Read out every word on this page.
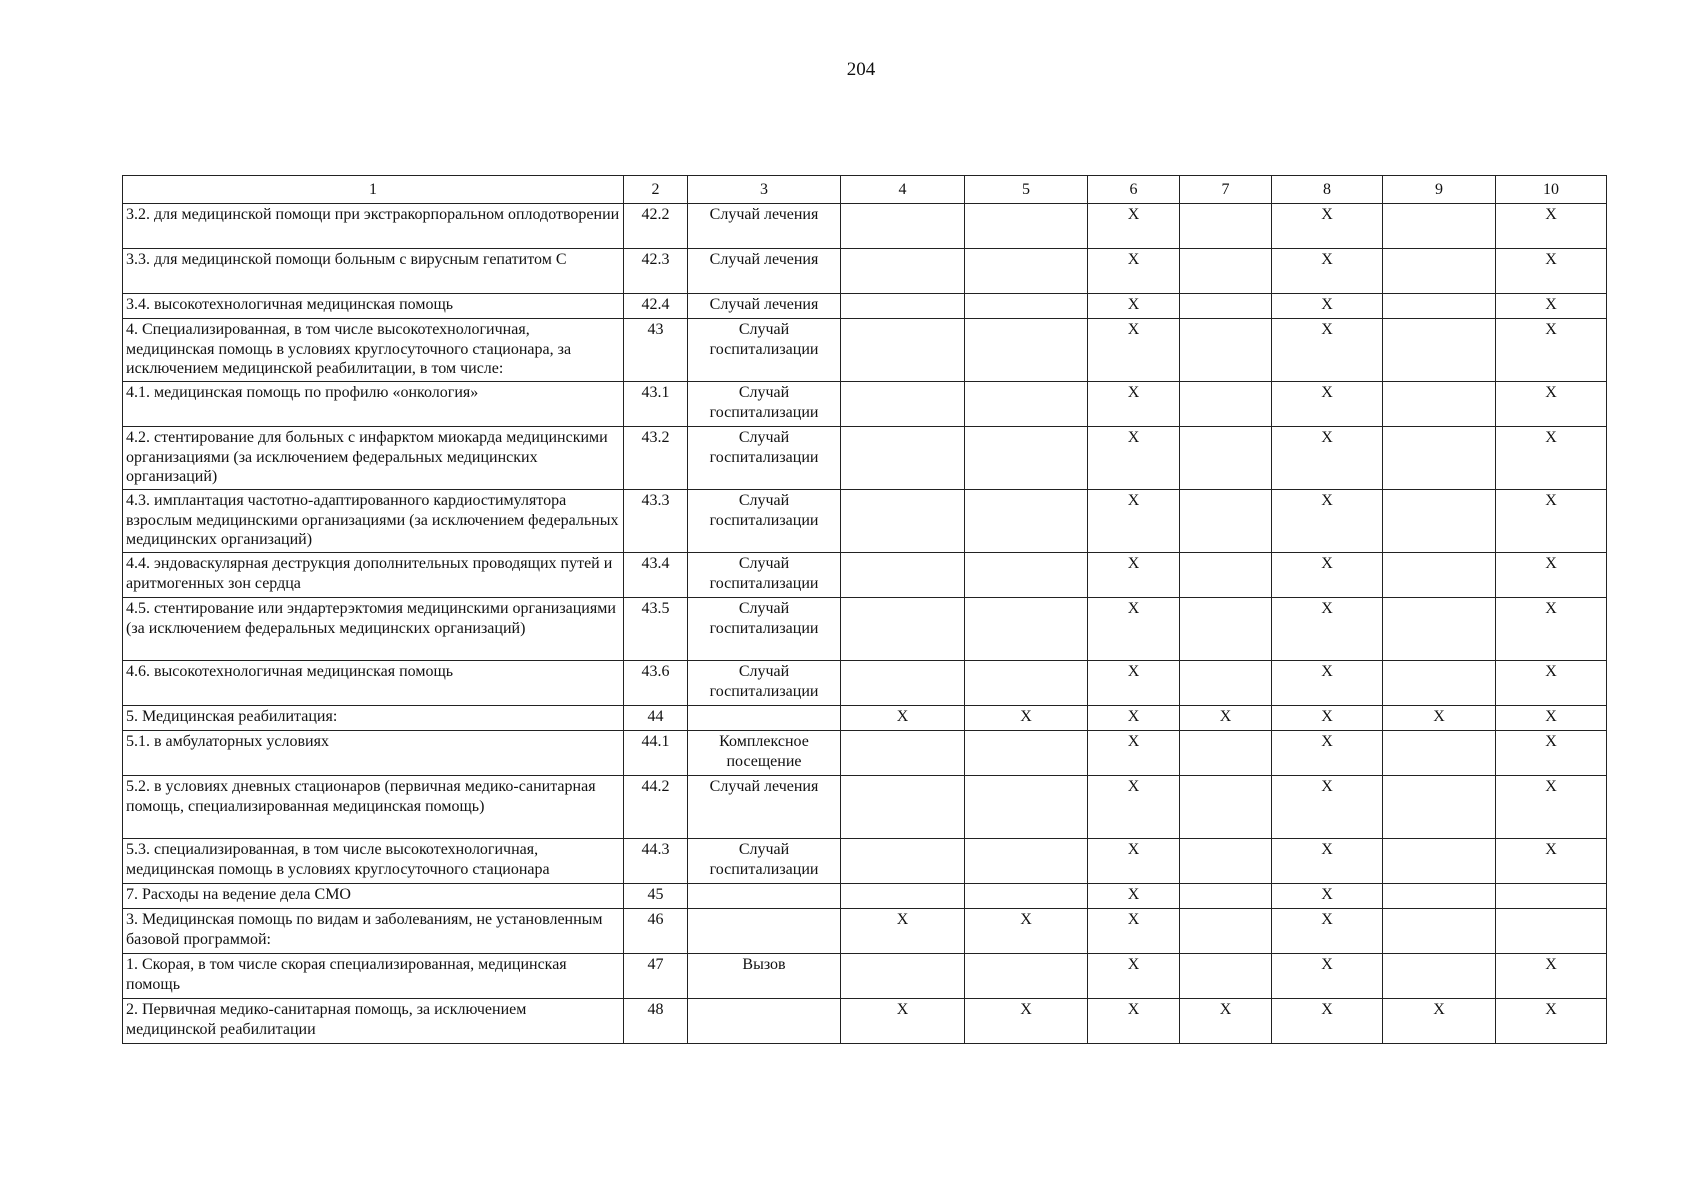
204
1	2	3	4	5	6	7	8	9	10
3.2. для медицинской помощи при экстракорпоральном оплодотворении	42.2	Случай лечения			X		X		X
3.3. для медицинской помощи больным с вирусным гепатитом С	42.3	Случай лечения			X		X		X
3.4. высокотехнологичная медицинская помощь	42.4	Случай лечения			X		X		X
4. Специализированная, в том числе высокотехнологичная, медицинская помощь в условиях круглосуточного стационара, за исключением медицинской реабилитации, в том числе:	43	Случай госпитализации			X		X		X
4.1. медицинская помощь по профилю «онкология»	43.1	Случай госпитализации			X		X		X
4.2. стентирование для больных с инфарктом миокарда медицинскими организациями (за исключением федеральных медицинских организаций)	43.2	Случай госпитализации			X		X		X
4.3. имплантация частотно-адаптированного кардиостимулятора взрослым медицинскими организациями (за исключением федеральных медицинских организаций)	43.3	Случай госпитализации			X		X		X
4.4. эндоваскулярная деструкция дополнительных проводящих путей и аритмогенных зон сердца	43.4	Случай госпитализации			X		X		X
4.5. стентирование или эндартерэктомия медицинскими организациями (за исключением федеральных медицинских организаций)	43.5	Случай госпитализации			X		X		X
4.6. высокотехнологичная медицинская помощь	43.6	Случай госпитализации			X		X		X
5. Медицинская реабилитация:	44		X	X	X	X	X	X	X
5.1. в амбулаторных условиях	44.1	Комплексное посещение			X		X		X
5.2. в условиях дневных стационаров (первичная медико-санитарная помощь, специализированная медицинская помощь)	44.2	Случай лечения			X		X		X
5.3. специализированная, в том числе высокотехнологичная, медицинская помощь в условиях круглосуточного стационара	44.3	Случай госпитализации			X		X		X
7. Расходы на ведение дела СМО	45				X		X		
3. Медицинская помощь по видам и заболеваниям, не установленным базовой программой:	46		X	X	X		X		
1. Скорая, в том числе скорая специализированная, медицинская помощь	47	Вызов			X		X		X
2. Первичная медико-санитарная помощь, за исключением медицинской реабилитации	48		X	X	X	X	X	X	X
